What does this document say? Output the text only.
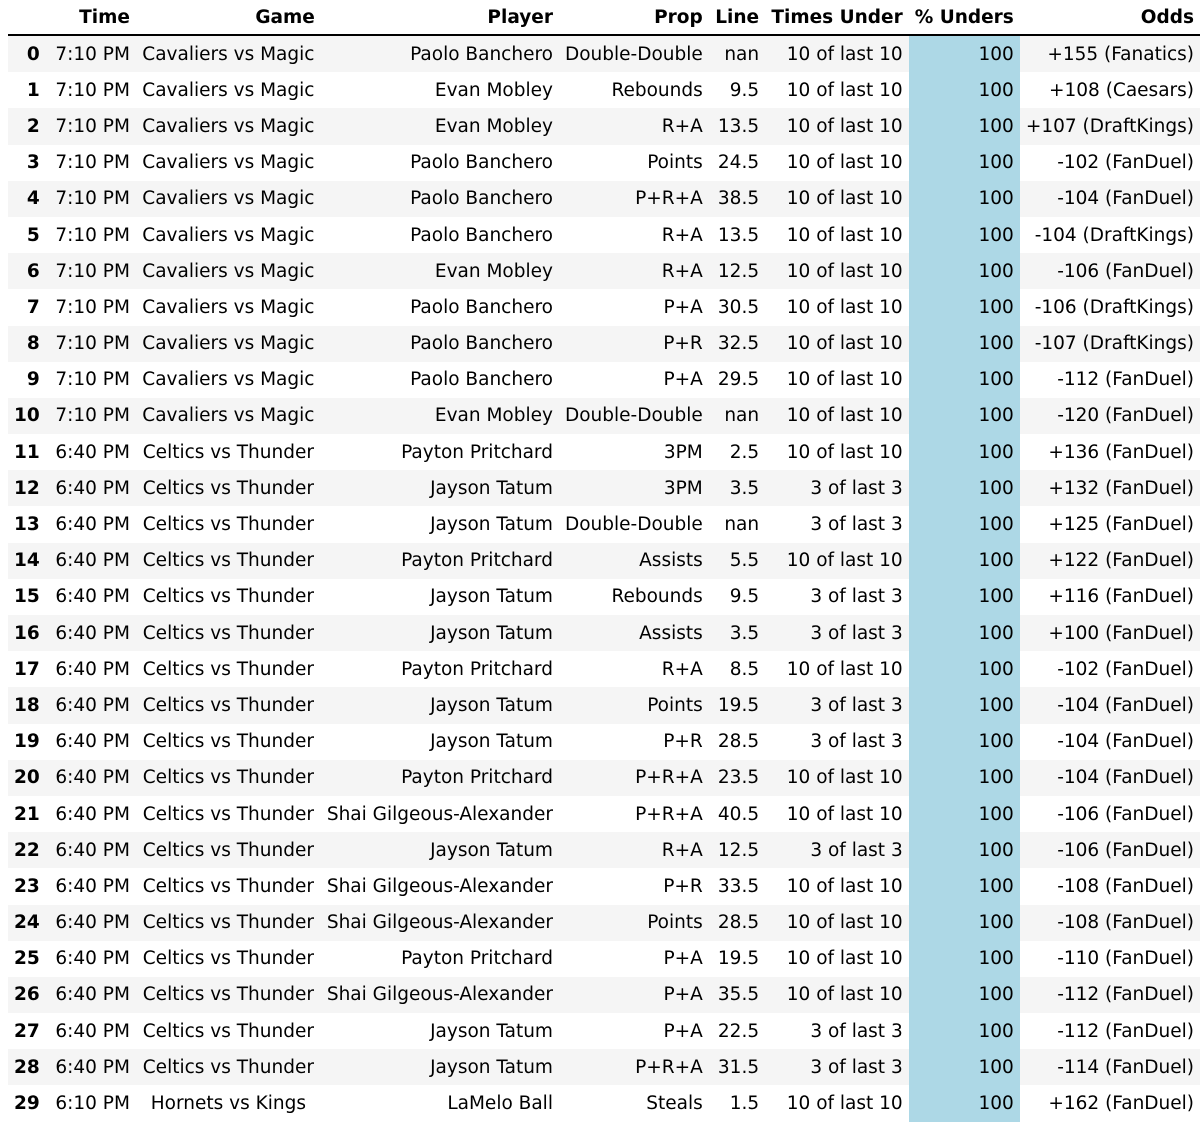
	Time	Game	Player	Prop	Line	Times Under	% Unders	Odds
0	7:10 PM	Cavaliers vs Magic	Paolo Banchero	Double-Double	nan	10 of last 10	100	+155 (Fanatics)
1	7:10 PM	Cavaliers vs Magic	Evan Mobley	Rebounds	9.5	10 of last 10	100	+108 (Caesars)
2	7:10 PM	Cavaliers vs Magic	Evan Mobley	R+A	13.5	10 of last 10	100	+107 (DraftKings)
3	7:10 PM	Cavaliers vs Magic	Paolo Banchero	Points	24.5	10 of last 10	100	-102 (FanDuel)
4	7:10 PM	Cavaliers vs Magic	Paolo Banchero	P+R+A	38.5	10 of last 10	100	-104 (FanDuel)
5	7:10 PM	Cavaliers vs Magic	Paolo Banchero	R+A	13.5	10 of last 10	100	-104 (DraftKings)
6	7:10 PM	Cavaliers vs Magic	Evan Mobley	R+A	12.5	10 of last 10	100	-106 (FanDuel)
7	7:10 PM	Cavaliers vs Magic	Paolo Banchero	P+A	30.5	10 of last 10	100	-106 (DraftKings)
8	7:10 PM	Cavaliers vs Magic	Paolo Banchero	P+R	32.5	10 of last 10	100	-107 (DraftKings)
9	7:10 PM	Cavaliers vs Magic	Paolo Banchero	P+A	29.5	10 of last 10	100	-112 (FanDuel)
10	7:10 PM	Cavaliers vs Magic	Evan Mobley	Double-Double	nan	10 of last 10	100	-120 (FanDuel)
11	6:40 PM	Celtics vs Thunder	Payton Pritchard	3PM	2.5	10 of last 10	100	+136 (FanDuel)
12	6:40 PM	Celtics vs Thunder	Jayson Tatum	3PM	3.5	3 of last 3	100	+132 (FanDuel)
13	6:40 PM	Celtics vs Thunder	Jayson Tatum	Double-Double	nan	3 of last 3	100	+125 (FanDuel)
14	6:40 PM	Celtics vs Thunder	Payton Pritchard	Assists	5.5	10 of last 10	100	+122 (FanDuel)
15	6:40 PM	Celtics vs Thunder	Jayson Tatum	Rebounds	9.5	3 of last 3	100	+116 (FanDuel)
16	6:40 PM	Celtics vs Thunder	Jayson Tatum	Assists	3.5	3 of last 3	100	+100 (FanDuel)
17	6:40 PM	Celtics vs Thunder	Payton Pritchard	R+A	8.5	10 of last 10	100	-102 (FanDuel)
18	6:40 PM	Celtics vs Thunder	Jayson Tatum	Points	19.5	3 of last 3	100	-104 (FanDuel)
19	6:40 PM	Celtics vs Thunder	Jayson Tatum	P+R	28.5	3 of last 3	100	-104 (FanDuel)
20	6:40 PM	Celtics vs Thunder	Payton Pritchard	P+R+A	23.5	10 of last 10	100	-104 (FanDuel)
21	6:40 PM	Celtics vs Thunder	Shai Gilgeous-Alexander	P+R+A	40.5	10 of last 10	100	-106 (FanDuel)
22	6:40 PM	Celtics vs Thunder	Jayson Tatum	R+A	12.5	3 of last 3	100	-106 (FanDuel)
23	6:40 PM	Celtics vs Thunder	Shai Gilgeous-Alexander	P+R	33.5	10 of last 10	100	-108 (FanDuel)
24	6:40 PM	Celtics vs Thunder	Shai Gilgeous-Alexander	Points	28.5	10 of last 10	100	-108 (FanDuel)
25	6:40 PM	Celtics vs Thunder	Payton Pritchard	P+A	19.5	10 of last 10	100	-110 (FanDuel)
26	6:40 PM	Celtics vs Thunder	Shai Gilgeous-Alexander	P+A	35.5	10 of last 10	100	-112 (FanDuel)
27	6:40 PM	Celtics vs Thunder	Jayson Tatum	P+A	22.5	3 of last 3	100	-112 (FanDuel)
28	6:40 PM	Celtics vs Thunder	Jayson Tatum	P+R+A	31.5	3 of last 3	100	-114 (FanDuel)
29	6:10 PM	Hornets vs Kings	LaMelo Ball	Steals	1.5	10 of last 10	100	+162 (FanDuel)
